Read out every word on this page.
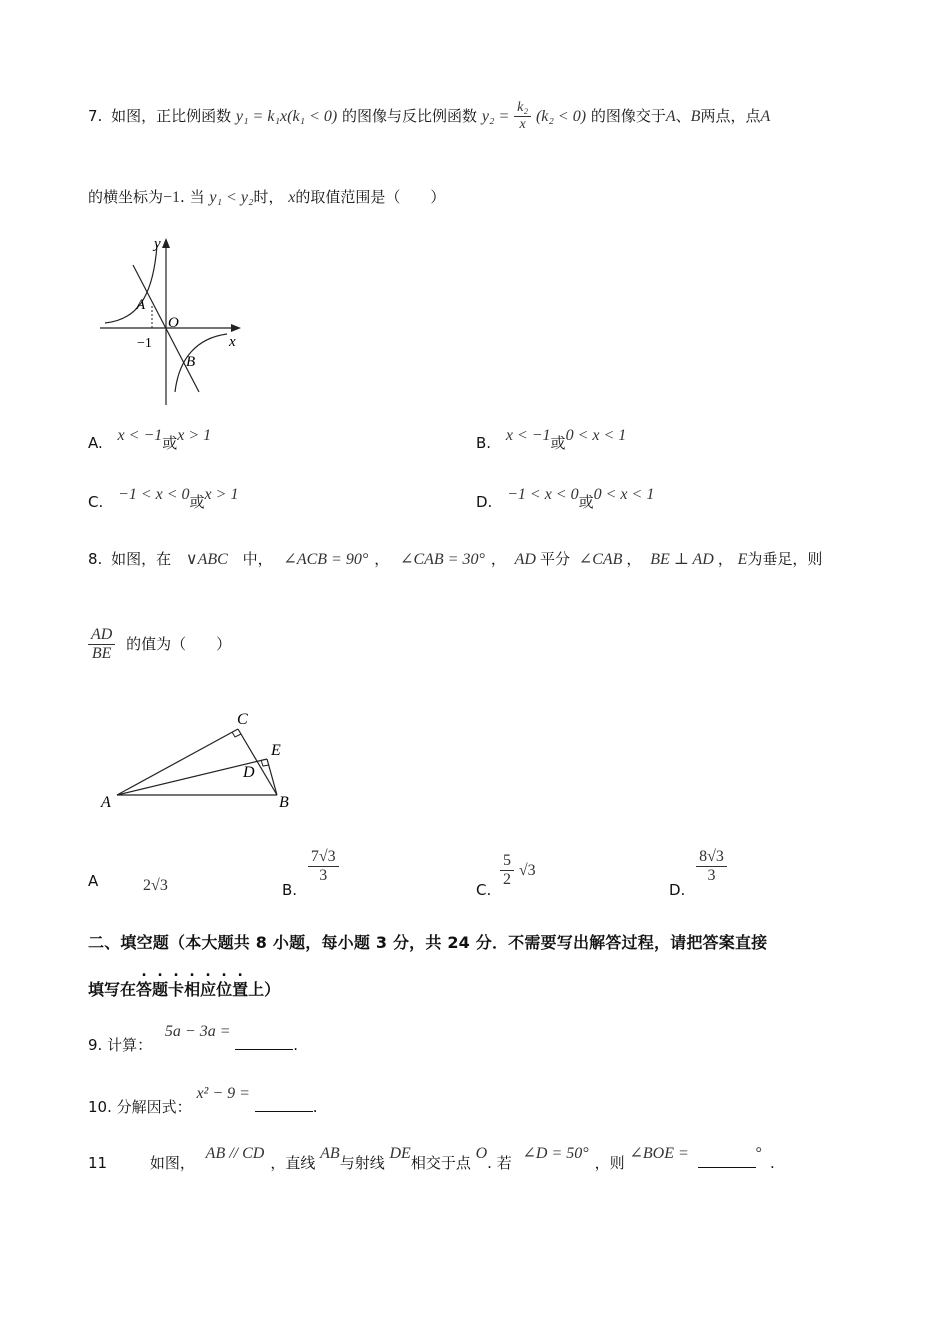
7. 如图，正比例函数 y₁ = k₁x(k₁ < 0) 的图像与反比例函数 $y_2 = \frac{\text{k₂}}{x} (k_2 < 0)$ 的图像交于A、B两点，点A
的横坐标为−1. 当 y₁ < y₂时， x的取值范围是（　　）
y
x
O
A
B
−1
A. x < −1或x > 1	B. x < −1或0 < x < 1
C. −1 < x < 0或x > 1	D. −1 < x < 0或0 < x < 1
8. 如图，在 ∨ABC 中， ∠ACB = 90° ， ∠CAB = 30° ， AD 平分 ∠CAB ， BE ⊥ AD ， E为垂足，则
$\frac{AD}{BE}$ 的值为（　　）
A	B
C
D
E
A	2√3	B.
$\frac{7√3}{3}$
C.
$\frac{5}{2} √3$
D.
$\frac{8√3}{3}$
二、填空题（本大题共 8 小题，每小题 3 分，共 24 分．不需要写出解答过程，请把答案直接
填写在答题卡相应位置上）
9. 计算： 5a − 3a = .
10. 分解因式： x² − 9 = .
11	如图， AB // CD，直线 AB与射线 DE相交于点 O. 若 ∠D = 50°，则 ∠BOE =	°.
